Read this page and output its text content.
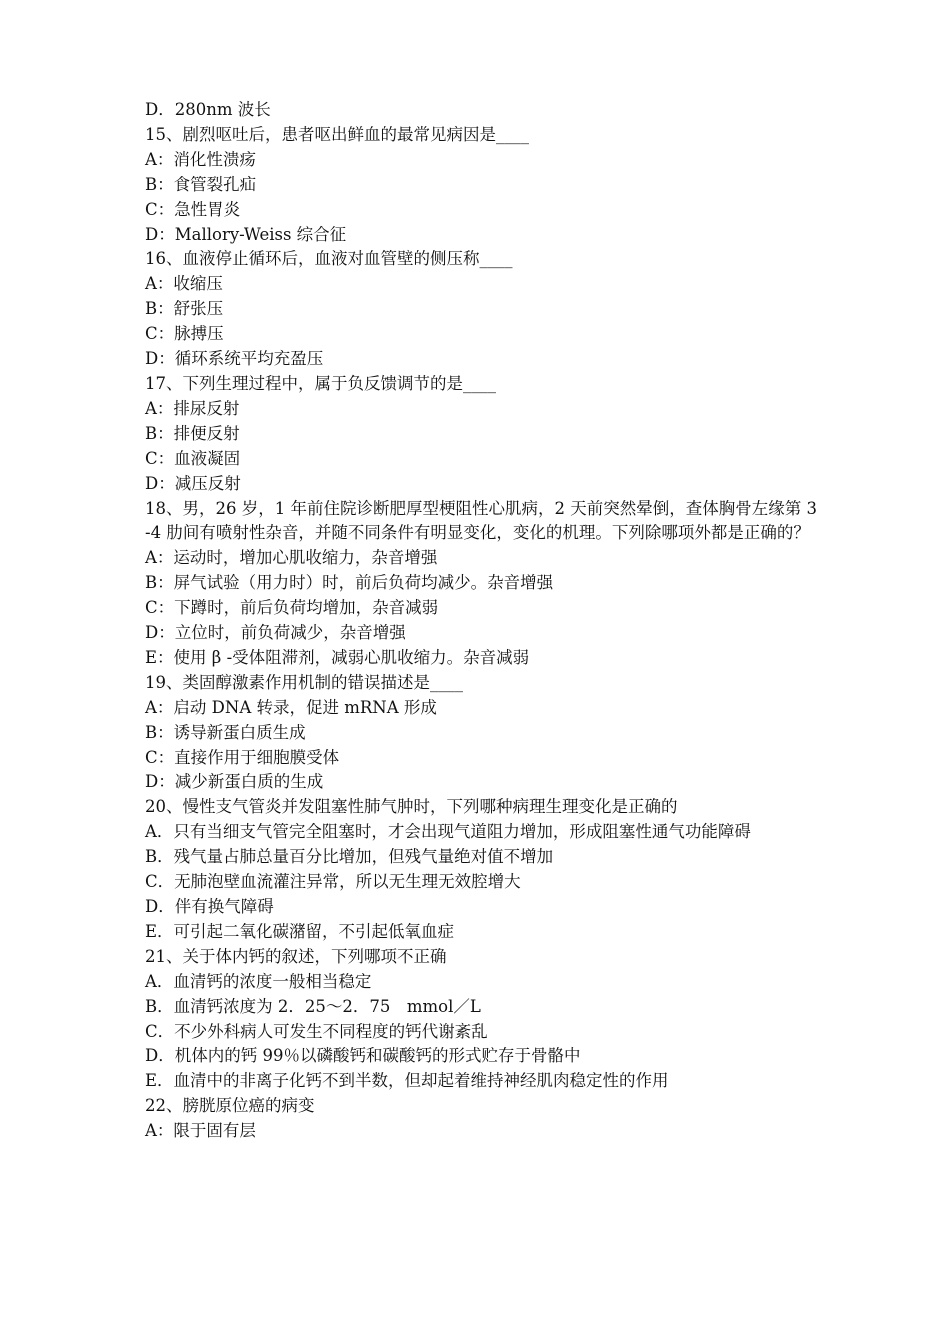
D．280nm 波长

15、剧烈呕吐后，患者呕出鲜血的最常见病因是____

A：消化性溃疡

B：食管裂孔疝

C：急性胃炎

D：Mallory-Weiss 综合征

16、血液停止循环后，血液对血管壁的侧压称____

A：收缩压

B：舒张压

C：脉搏压

D：循环系统平均充盈压

17、下列生理过程中，属于负反馈调节的是____

A：排尿反射

B：排便反射

C：血液凝固

D：减压反射

18、男，26 岁，1 年前住院诊断肥厚型梗阻性心肌病，2 天前突然晕倒，查体胸骨左缘第 3-4 肋间有喷射性杂音，并随不同条件有明显变化，变化的机理。下列除哪项外都是正确的？

A：运动时，增加心肌收缩力，杂音增强

B：屏气试验（用力时）时，前后负荷均减少。杂音增强

C：下蹲时，前后负荷均增加，杂音减弱

D：立位时，前负荷减少，杂音增强

E：使用 β -受体阻滞剂，减弱心肌收缩力。杂音减弱

19、类固醇激素作用机制的错误描述是____

A：启动 DNA 转录，促进 mRNA 形成

B：诱导新蛋白质生成

C：直接作用于细胞膜受体

D：减少新蛋白质的生成

20、慢性支气管炎并发阻塞性肺气肿时，下列哪种病理生理变化是正确的

A．只有当细支气管完全阻塞时，才会出现气道阻力增加，形成阻塞性通气功能障碍

B．残气量占肺总量百分比增加，但残气量绝对值不增加

C．无肺泡壁血流灌注异常，所以无生理无效腔增大

D．伴有换气障碍

E．可引起二氧化碳潴留，不引起低氧血症

21、关于体内钙的叙述，下列哪项不正确

A．血清钙的浓度一般相当稳定

B．血清钙浓度为 2．25～2．75　mmol／L

C．不少外科病人可发生不同程度的钙代谢紊乱

D．机体内的钙 99％以磷酸钙和碳酸钙的形式贮存于骨骼中

E．血清中的非离子化钙不到半数，但却起着维持神经肌肉稳定性的作用

22、膀胱原位癌的病变

A：限于固有层
